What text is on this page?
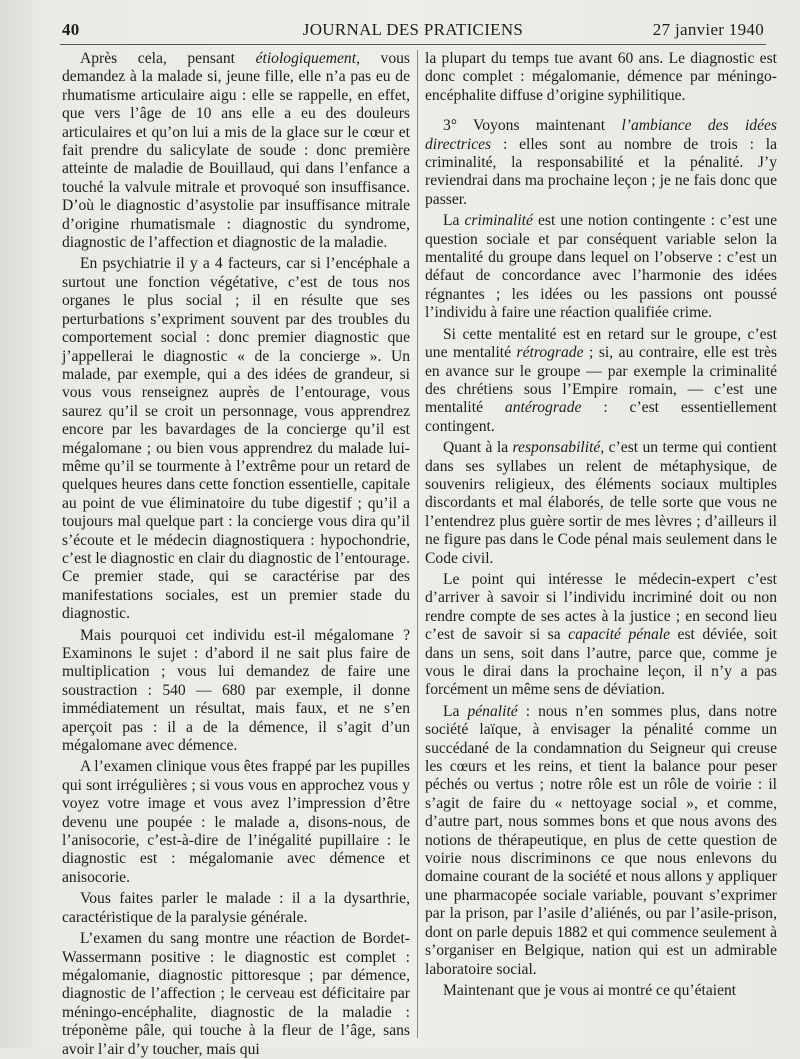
40	JOURNAL DES PRATICIENS	27 janvier 1940

Après cela, pensant étiologiquement, vous demandez à la malade si, jeune fille, elle n’a pas eu de rhumatisme articulaire aigu : elle se rappelle, en effet, que vers l’âge de 10 ans elle a eu des douleurs articulaires et qu’on lui a mis de la glace sur le cœur et fait prendre du salicylate de soude : donc première atteinte de maladie de Bouillaud, qui dans l’enfance a touché la valvule mitrale et provoqué son insuffisance. D’où le diagnostic d’asystolie par insuffisance mitrale d’origine rhumatismale : diagnostic du syndrome, diagnostic de l’affection et diagnostic de la maladie.

En psychiatrie il y a 4 facteurs, car si l’encéphale a surtout une fonction végétative, c’est de tous nos organes le plus social ; il en résulte que ses perturbations s’expriment souvent par des troubles du comportement social : donc premier diagnostic que j’appellerai le diagnostic « de la concierge ». Un malade, par exemple, qui a des idées de grandeur, si vous vous renseignez auprès de l’entourage, vous saurez qu’il se croit un personnage, vous apprendrez encore par les bavardages de la concierge qu’il est mégalomane ; ou bien vous apprendrez du malade lui-même qu’il se tourmente à l’extrême pour un retard de quelques heures dans cette fonction essentielle, capitale au point de vue éliminatoire du tube digestif ; qu’il a toujours mal quelque part : la concierge vous dira qu’il s’écoute et le médecin diagnostiquera : hypochondrie, c’est le diagnostic en clair du diagnostic de l’entourage. Ce premier stade, qui se caractérise par des manifestations sociales, est un premier stade du diagnostic.

Mais pourquoi cet individu est-il mégalomane ? Examinons le sujet : d’abord il ne sait plus faire de multiplication ; vous lui demandez de faire une soustraction : 540 — 680 par exemple, il donne immédiatement un résultat, mais faux, et ne s’en aperçoit pas : il a de la démence, il s’agit d’un mégalomane avec démence.

A l’examen clinique vous êtes frappé par les pupilles qui sont irrégulières ; si vous vous en approchez vous y voyez votre image et vous avez l’impression d’être devenu une poupée : le malade a, disons-nous, de l’anisocorie, c’est-à-dire de l’inégalité pupillaire : le diagnostic est : mégalomanie avec démence et anisocorie.

Vous faites parler le malade : il a la dysarthrie, caractéristique de la paralysie générale.

L’examen du sang montre une réaction de Bordet-Wassermann positive : le diagnostic est complet : mégalomanie, diagnostic pittoresque ; par démence, diagnostic de l’affection ; le cerveau est déficitaire par méningo-encéphalite, diagnostic de la maladie : tréponème pâle, qui touche à la fleur de l’âge, sans avoir l’air d’y toucher, mais qui

la plupart du temps tue avant 60 ans. Le diagnostic est donc complet : mégalomanie, démence par méningo-encéphalite diffuse d’origine syphilitique.

3° Voyons maintenant l’ambiance des idées directrices : elles sont au nombre de trois : la criminalité, la responsabilité et la pénalité. J’y reviendrai dans ma prochaine leçon ; je ne fais donc que passer.

La criminalité est une notion contingente : c’est une question sociale et par conséquent variable selon la mentalité du groupe dans lequel on l’observe : c’est un défaut de concordance avec l’harmonie des idées régnantes ; les idées ou les passions ont poussé l’individu à faire une réaction qualifiée crime.

Si cette mentalité est en retard sur le groupe, c’est une mentalité rétrograde ; si, au contraire, elle est très en avance sur le groupe — par exemple la criminalité des chrétiens sous l’Empire romain, — c’est une mentalité antérograde : c’est essentiellement contingent.

Quant à la responsabilité, c’est un terme qui contient dans ses syllabes un relent de métaphysique, de souvenirs religieux, des éléments sociaux multiples discordants et mal élaborés, de telle sorte que vous ne l’entendrez plus guère sortir de mes lèvres ; d’ailleurs il ne figure pas dans le Code pénal mais seulement dans le Code civil.

Le point qui intéresse le médecin-expert c’est d’arriver à savoir si l’individu incriminé doit ou non rendre compte de ses actes à la justice ; en second lieu c’est de savoir si sa capacité pénale est déviée, soit dans un sens, soit dans l’autre, parce que, comme je vous le dirai dans la prochaine leçon, il n’y a pas forcément un même sens de déviation.

La pénalité : nous n’en sommes plus, dans notre société laïque, à envisager la pénalité comme un succédané de la condamnation du Seigneur qui creuse les cœurs et les reins, et tient la balance pour peser péchés ou vertus ; notre rôle est un rôle de voirie : il s’agit de faire du « nettoyage social », et comme, d’autre part, nous sommes bons et que nous avons des notions de thérapeutique, en plus de cette question de voirie nous discriminons ce que nous enlevons du domaine courant de la société et nous allons y appliquer une pharmacopée sociale variable, pouvant s’exprimer par la prison, par l’asile d’aliénés, ou par l’asile-prison, dont on parle depuis 1882 et qui commence seulement à s’organiser en Belgique, nation qui est un admirable laboratoire social.

Maintenant que je vous ai montré ce qu’étaient
